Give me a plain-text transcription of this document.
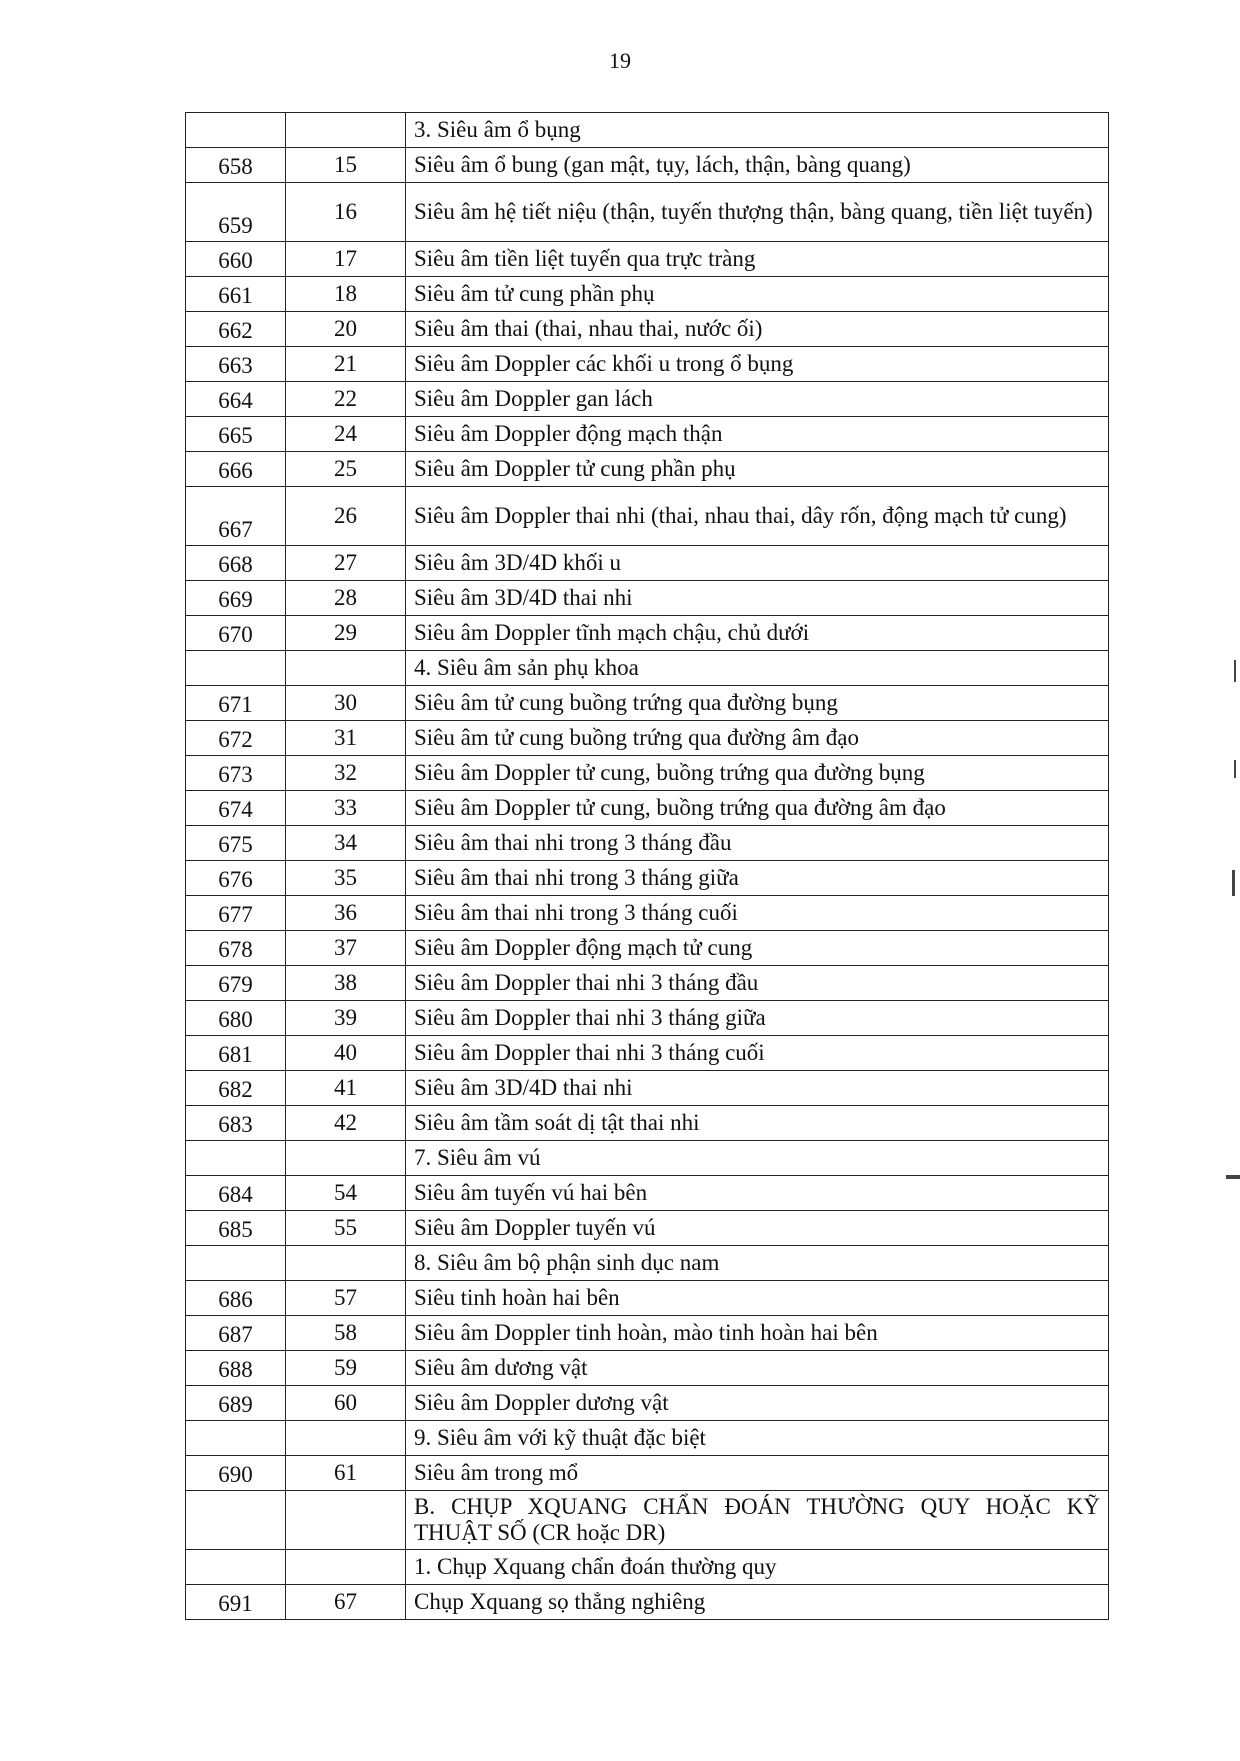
19
		3. Siêu âm ổ bụng
658	15	Siêu âm ổ bung (gan mật, tụy, lách, thận, bàng quang)
659	16	Siêu âm hệ tiết niệu (thận, tuyến thượng thận, bàng quang, tiền liệt tuyến)
660	17	Siêu âm tiền liệt tuyến qua trực tràng
661	18	Siêu âm tử cung phần phụ
662	20	Siêu âm thai (thai, nhau thai, nước ối)
663	21	Siêu âm Doppler các khối u trong ổ bụng
664	22	Siêu âm Doppler gan lách
665	24	Siêu âm Doppler động mạch thận
666	25	Siêu âm Doppler tử cung phần phụ
667	26	Siêu âm Doppler thai nhi (thai, nhau thai, dây rốn, động mạch tử cung)
668	27	Siêu âm 3D/4D khối u
669	28	Siêu âm 3D/4D thai nhi
670	29	Siêu âm Doppler tĩnh mạch chậu, chủ dưới
		4. Siêu âm sản phụ khoa
671	30	Siêu âm tử cung buồng trứng qua đường bụng
672	31	Siêu âm tử cung buồng trứng qua đường âm đạo
673	32	Siêu âm Doppler tử cung, buồng trứng qua đường bụng
674	33	Siêu âm Doppler tử cung, buồng trứng qua đường âm đạo
675	34	Siêu âm thai nhi trong 3 tháng đầu
676	35	Siêu âm thai nhi trong 3 tháng giữa
677	36	Siêu âm thai nhi trong 3 tháng cuối
678	37	Siêu âm Doppler động mạch tử cung
679	38	Siêu âm Doppler thai nhi 3 tháng đầu
680	39	Siêu âm Doppler thai nhi 3 tháng giữa
681	40	Siêu âm Doppler thai nhi 3 tháng cuối
682	41	Siêu âm 3D/4D thai nhi
683	42	Siêu âm tầm soát dị tật thai nhi
		7. Siêu âm vú
684	54	Siêu âm tuyến vú hai bên
685	55	Siêu âm Doppler tuyến vú
		8. Siêu âm bộ phận sinh dục nam
686	57	Siêu tinh hoàn hai bên
687	58	Siêu âm Doppler tinh hoàn, mào tinh hoàn hai bên
688	59	Siêu âm dương vật
689	60	Siêu âm Doppler dương vật
		9. Siêu âm với kỹ thuật đặc biệt
690	61	Siêu âm trong mổ
		B. CHỤP XQUANG CHẨN ĐOÁN THƯỜNG QUY HOẶC KỸ THUẬT SỐ (CR hoặc DR)
		1. Chụp Xquang chẩn đoán thường quy
691	67	Chụp Xquang sọ thẳng nghiêng
